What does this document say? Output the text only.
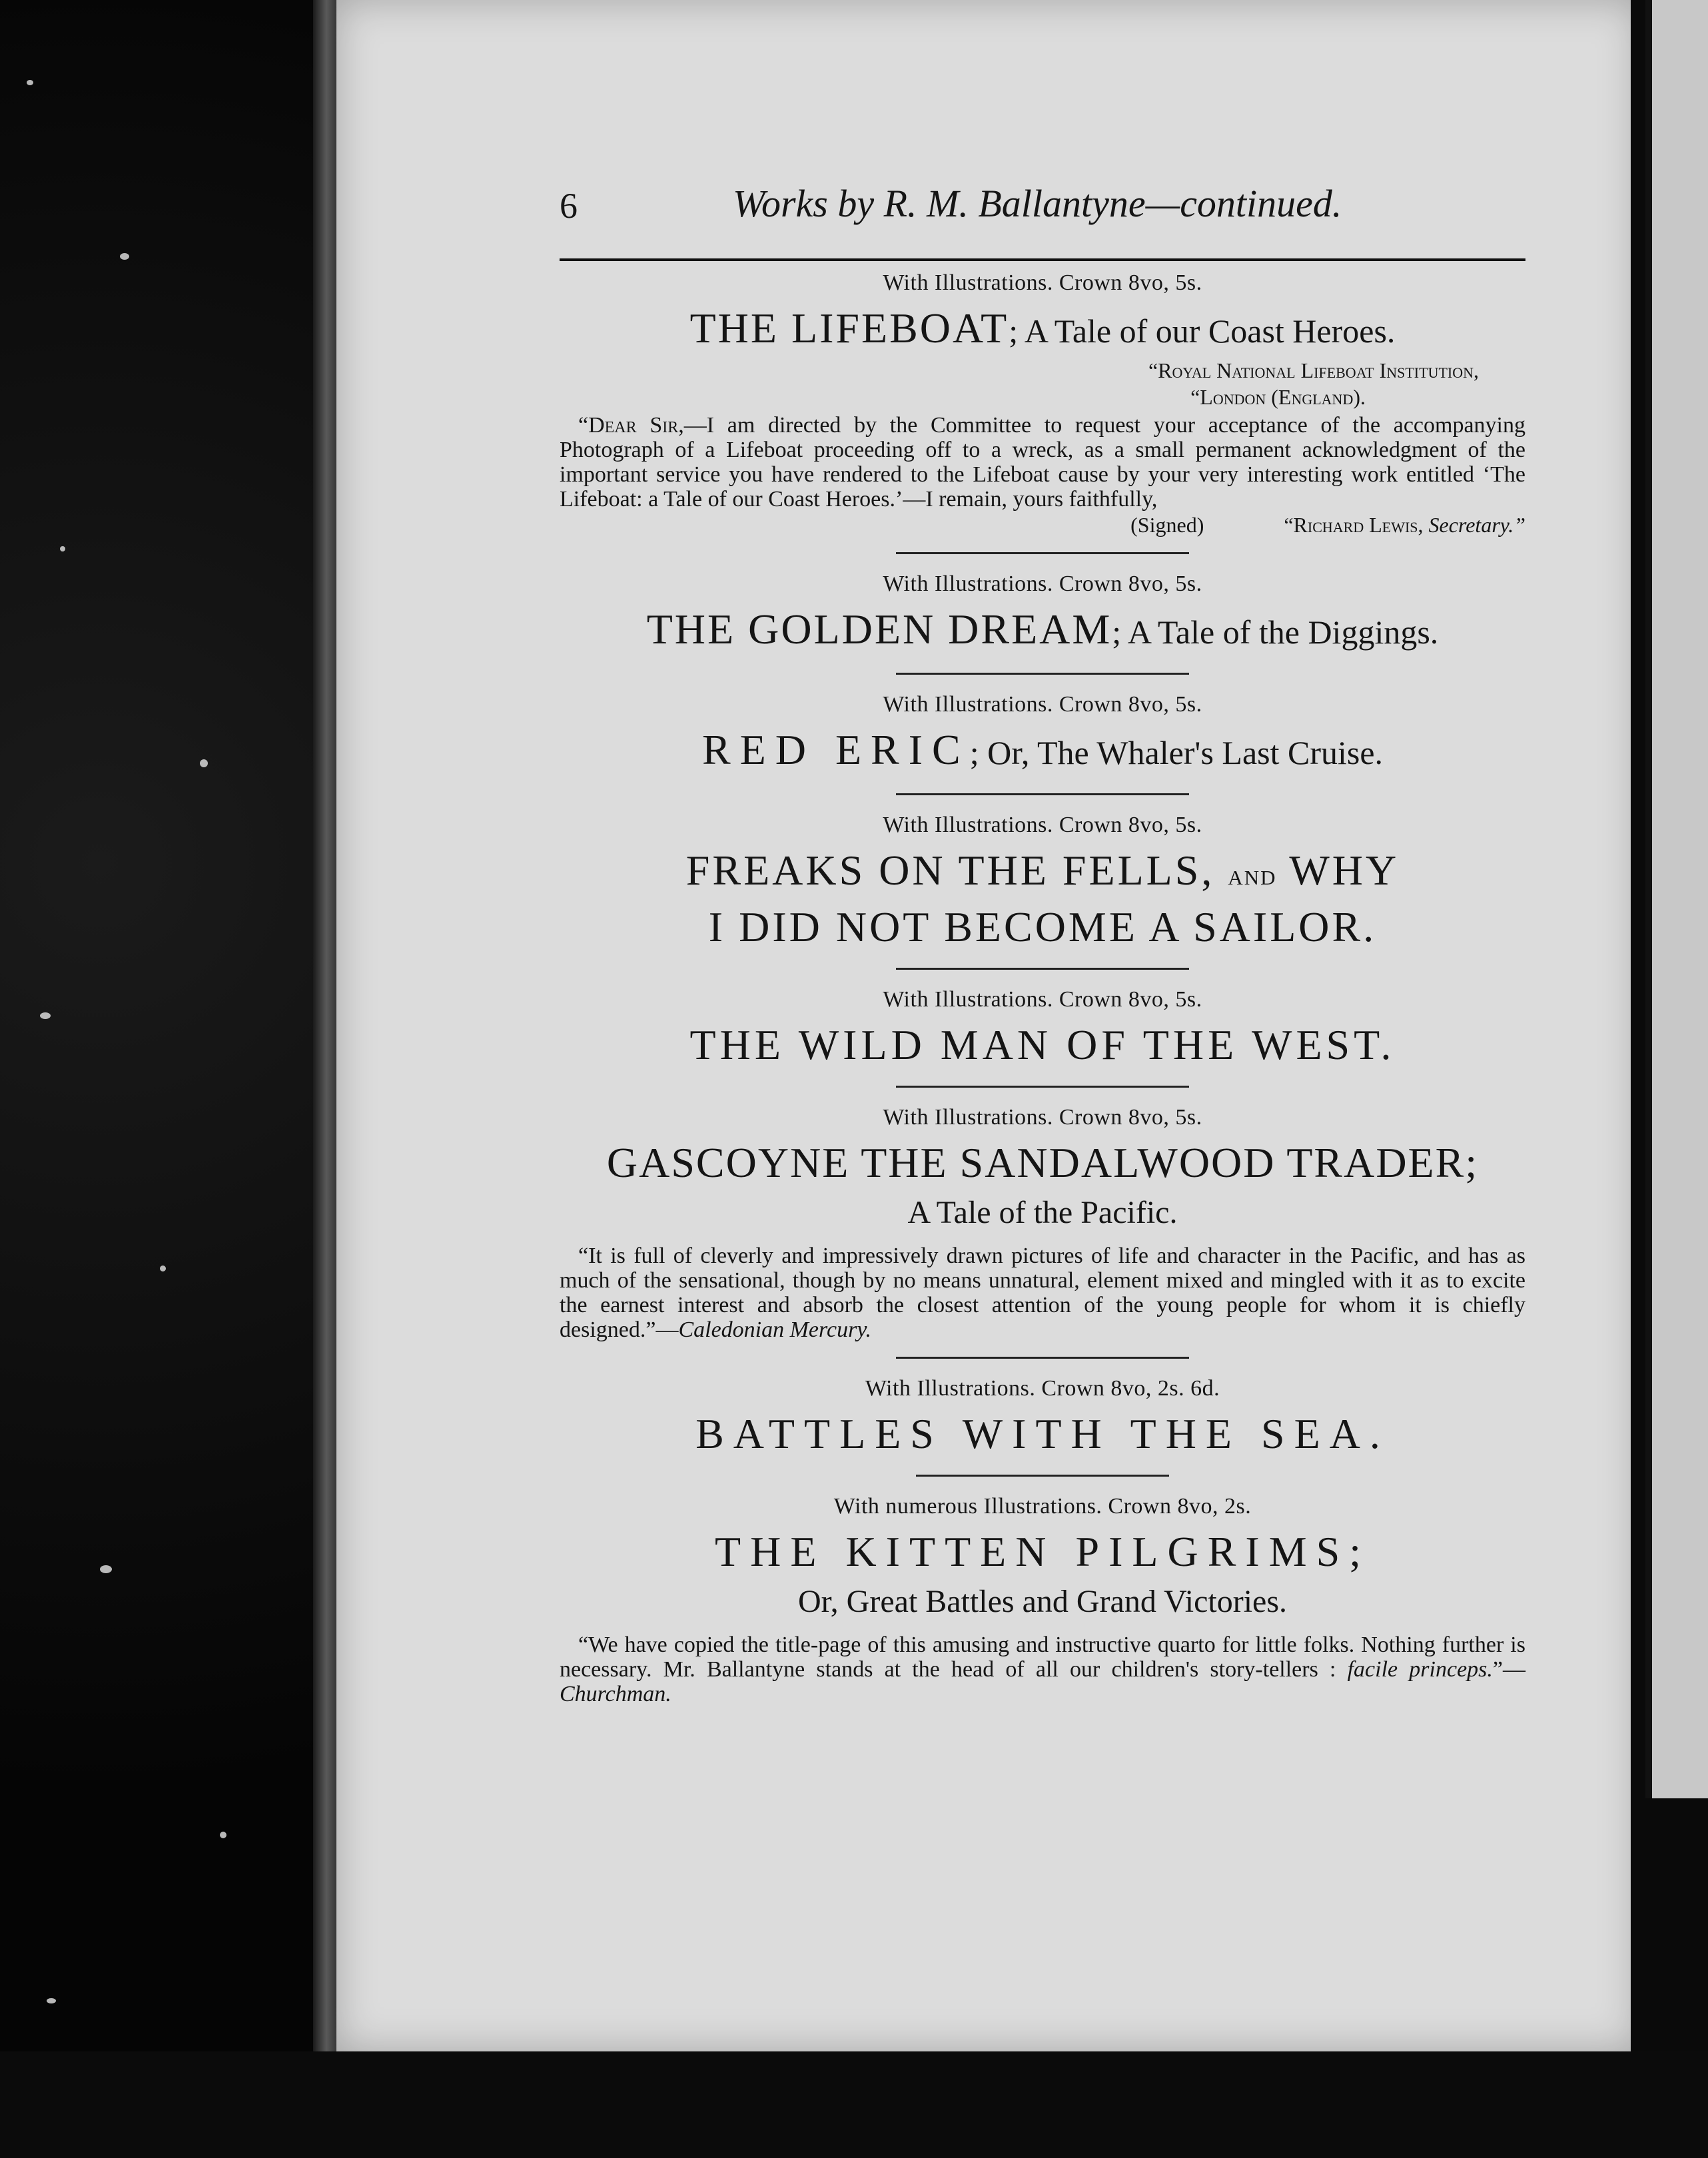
6	Works by R. M. Ballantyne—continued.

With Illustrations. Crown 8vo, 5s.

THE LIFEBOAT; A Tale of our Coast Heroes.

“Royal National Lifeboat Institution,
“London (England).

“Dear Sir,—I am directed by the Committee to request your acceptance of the accompanying Photograph of a Lifeboat proceeding off to a wreck, as a small permanent acknowledgment of the important service you have rendered to the Lifeboat cause by your very interesting work entitled ‘The Lifeboat: a Tale of our Coast Heroes.’—I remain, yours faithfully,

(Signed)	“Richard Lewis, Secretary.”

With Illustrations. Crown 8vo, 5s.

THE GOLDEN DREAM; A Tale of the Diggings.

With Illustrations. Crown 8vo, 5s.

RED ERIC; Or, The Whaler's Last Cruise.

With Illustrations. Crown 8vo, 5s.

FREAKS ON THE FELLS, and WHY

I DID NOT BECOME A SAILOR.

With Illustrations. Crown 8vo, 5s.

THE WILD MAN OF THE WEST.

With Illustrations. Crown 8vo, 5s.

GASCOYNE THE SANDALWOOD TRADER;

A Tale of the Pacific.

“It is full of cleverly and impressively drawn pictures of life and character in the Pacific, and has as much of the sensational, though by no means unnatural, element mixed and mingled with it as to excite the earnest interest and absorb the closest attention of the young people for whom it is chiefly designed.”—Caledonian Mercury.

With Illustrations. Crown 8vo, 2s. 6d.

BATTLES WITH THE SEA.

With numerous Illustrations. Crown 8vo, 2s.

THE KITTEN PILGRIMS;

Or, Great Battles and Grand Victories.

“We have copied the title-page of this amusing and instructive quarto for little folks. Nothing further is necessary. Mr. Ballantyne stands at the head of all our children's story-tellers : facile princeps.”—Churchman.
